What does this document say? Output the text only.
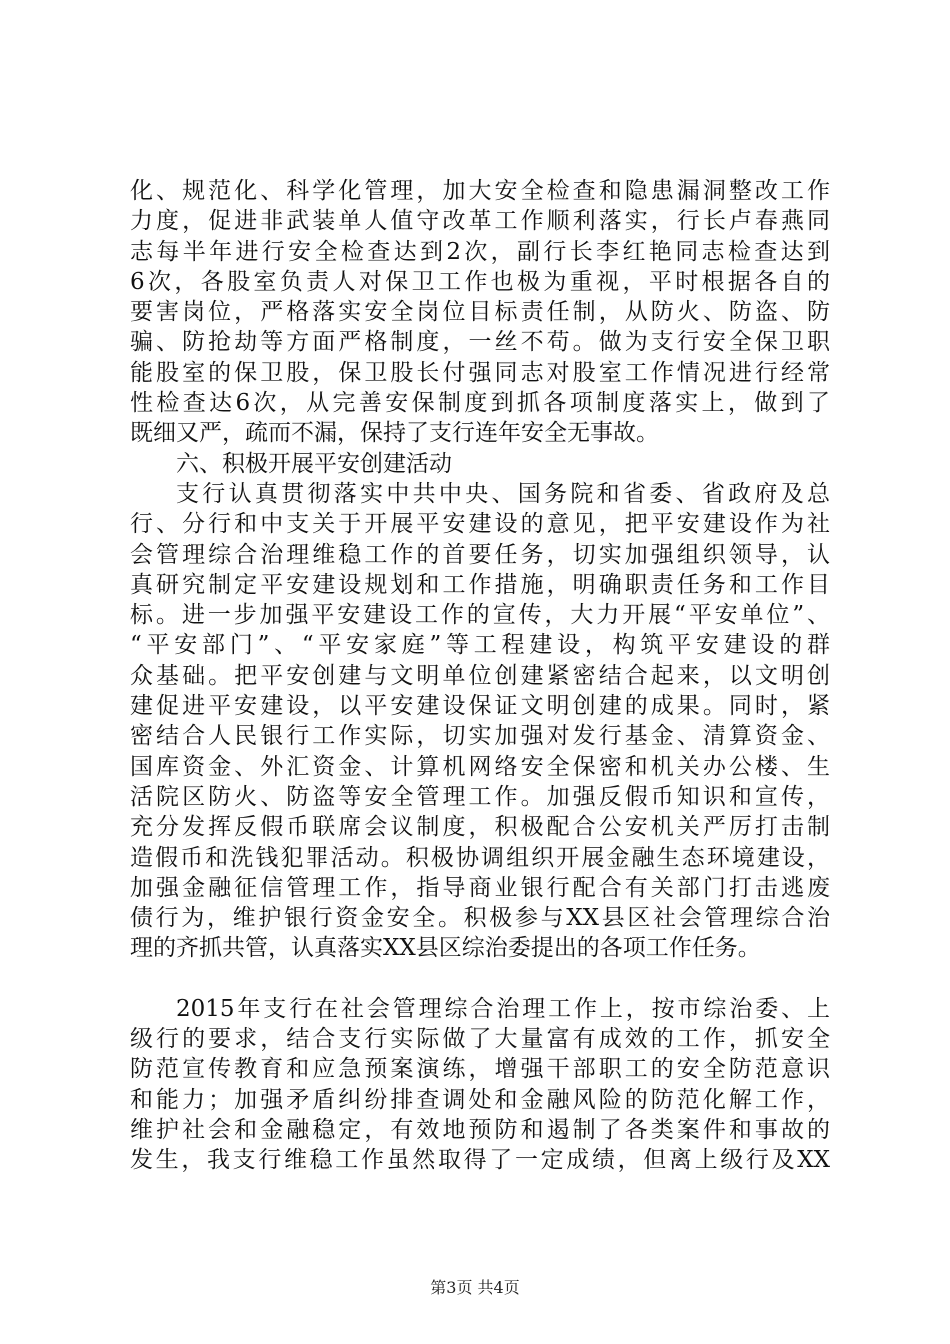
化、规范化、科学化管理，加大安全检查和隐患漏洞整改工作
力度，促进非武装单人值守改革工作顺利落实，行长卢春燕同
志每半年进行安全检查达到2次，副行长李红艳同志检查达到
6次，各股室负责人对保卫工作也极为重视，平时根据各自的
要害岗位，严格落实安全岗位目标责任制，从防火、防盗、防
骗、防抢劫等方面严格制度，一丝不苟。做为支行安全保卫职
能股室的保卫股，保卫股长付强同志对股室工作情况进行经常
性检查达6次，从完善安保制度到抓各项制度落实上，做到了
既细又严，疏而不漏，保持了支行连年安全无事故。
六、积极开展平安创建活动
支行认真贯彻落实中共中央、国务院和省委、省政府及总
行、分行和中支关于开展平安建设的意见，把平安建设作为社
会管理综合治理维稳工作的首要任务，切实加强组织领导，认
真研究制定平安建设规划和工作措施，明确职责任务和工作目
标。进一步加强平安建设工作的宣传，大力开展“平安单位”、
“平安部门”、“平安家庭”等工程建设，构筑平安建设的群
众基础。把平安创建与文明单位创建紧密结合起来，以文明创
建促进平安建设，以平安建设保证文明创建的成果。同时，紧
密结合人民银行工作实际，切实加强对发行基金、清算资金、
国库资金、外汇资金、计算机网络安全保密和机关办公楼、生
活院区防火、防盗等安全管理工作。加强反假币知识和宣传，
充分发挥反假币联席会议制度，积极配合公安机关严厉打击制
造假币和洗钱犯罪活动。积极协调组织开展金融生态环境建设，
加强金融征信管理工作，指导商业银行配合有关部门打击逃废
债行为，维护银行资金安全。积极参与XX县区社会管理综合治
理的齐抓共管，认真落实XX县区综治委提出的各项工作任务。
2015年支行在社会管理综合治理工作上，按市综治委、上
级行的要求，结合支行实际做了大量富有成效的工作，抓安全
防范宣传教育和应急预案演练，增强干部职工的安全防范意识
和能力；加强矛盾纠纷排查调处和金融风险的防范化解工作，
维护社会和金融稳定，有效地预防和遏制了各类案件和事故的
发生，我支行维稳工作虽然取得了一定成绩，但离上级行及XX
第3页 共4页
